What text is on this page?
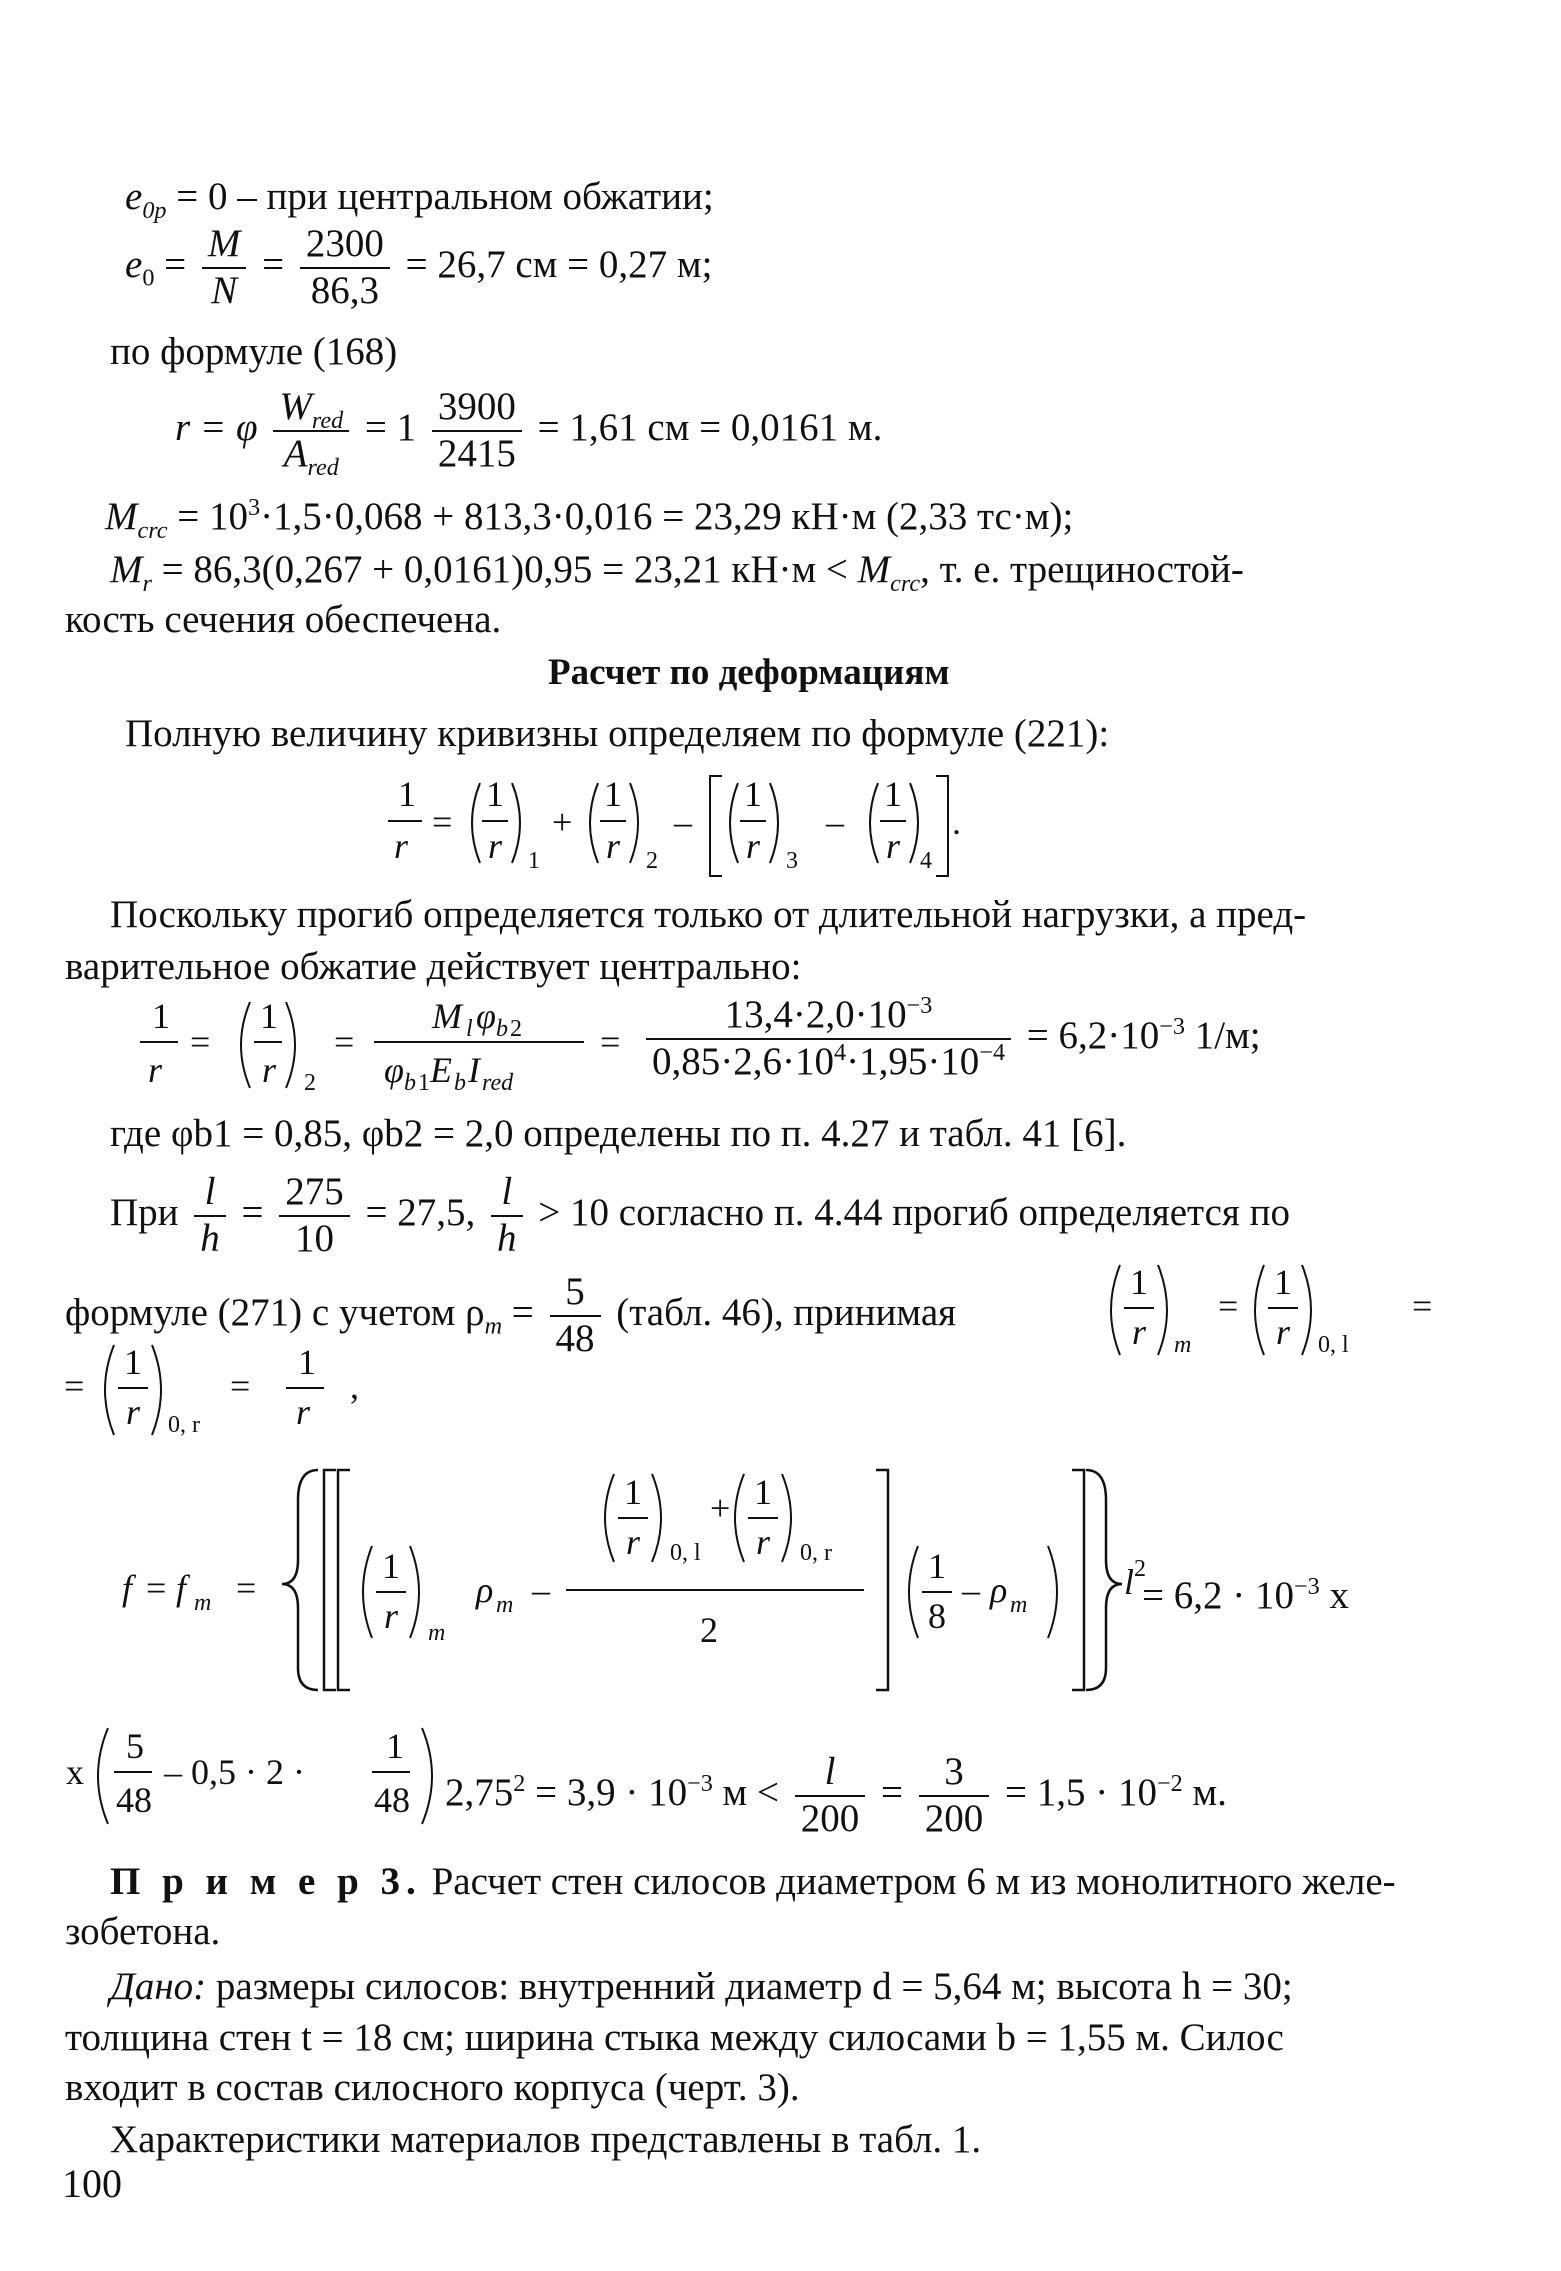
$e_{0p} = 0$ – при центральном обжатии;
$e_0 = \frac{M}{N} = \frac{2300}{86,3} = 26,7$ см = 0,27 м;
по формуле (168)
r = φ $\frac{W_{red}}{A_{red}} = 1 \frac{3900}{2415} = 1,61$ см = 0,0161 м.
$M_{crc} = 10^3\cdot 1,5\cdot 0,068 + 813,3\cdot 0,016 = 23,29$ кН·м (2,33 тс·м);
$M_r = 86,3(0,267 + 0,0161)0,95 = 23,21$ $кН\cdot м < M_{crc}$, т. е. трещиностой-
кость сечения обеспечена.
Расчет по деформациям
Полную величину кривизны определяем по формуле (221):
1
r
=
1
r 1
+
1
r 2
–
1
r 3
–
1
r 4
.
Поскольку прогиб определяется только от длительной нагрузки, а пред-
варительное обжатие действует центрально:
1
r
=
1
r 2
=
M l φ b 2
φ b 1 E b I red
= $\frac{13,4\cdot 2,0\cdot 10^{-3}}{0,85\cdot 2,6\cdot 10^4\cdot 1,95\cdot 10^{-4}} = 6,2\cdot 10^{-3}$ 1/м;
где φb1 = 0,85, φb2 = 2,0 определены по п. 4.27 и табл. 41 [6].
При $\frac{l}{h} = \frac{275}{10} = 27,5$, $\frac{l}{h} > 10$ согласно п. 4.44 прогиб определяется по
формуле (271) с учетом $\rho_m = \frac{5}{48}$ (табл. 46), принимая
1
r m
=
1
r 0, l
=
=
1
r 0, r
=
1
r
,
f = f m =
1
r m
ρ m –
1
r 0, l
+ 1
r 0, r
2
1
8
– ρ m
l 2
= $6,2 \cdot 10^{-3}$ x
x
5
48
– 0,5 · 2 ·
1
48 $2,75^2 = 3,9 \cdot 10^{-3}$ $м < \frac{l}{200} = \frac{3}{200} = 1,5 \cdot 10^{-2}$ м.
П р и м е р 3. Расчет стен силосов диаметром 6 м из монолитного желе-
зобетона.
Дано: размеры силосов: внутренний диаметр d = 5,64 м; высота h = 30;
толщина стен t = 18 см; ширина стыка между силосами b = 1,55 м. Силос
входит в состав силосного корпуса (черт. 3).
Характеристики материалов представлены в табл. 1.
100
